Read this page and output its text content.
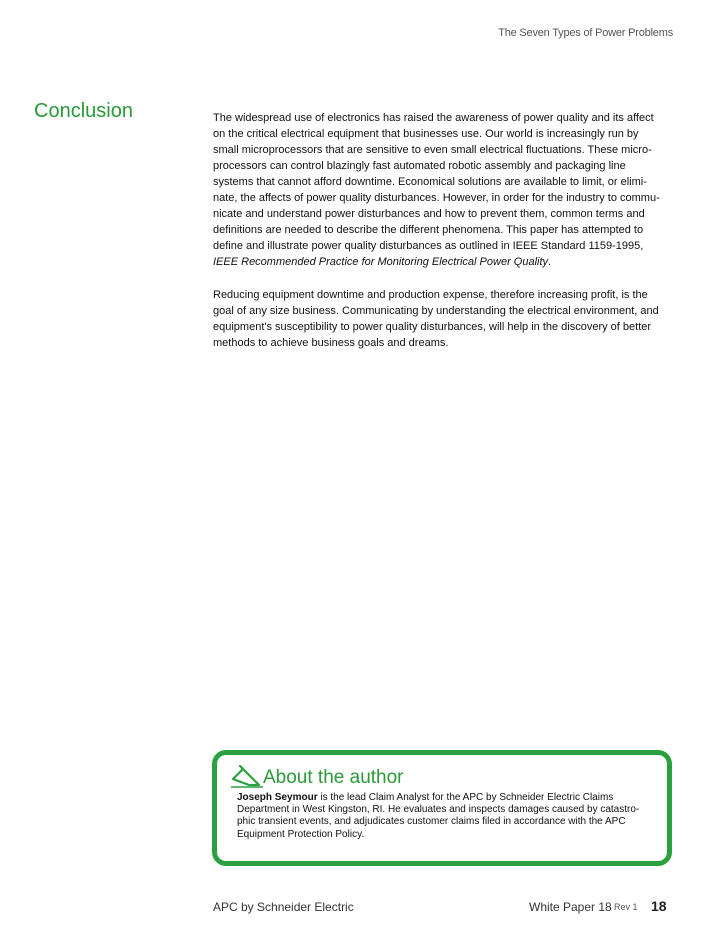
The Seven Types of Power Problems
Conclusion	The widespread use of electronics has raised the awareness of power quality and its affect
on the critical electrical equipment that businesses use. Our world is increasingly run by
small microprocessors that are sensitive to even small electrical fluctuations. These micro-
processors can control blazingly fast automated robotic assembly and packaging line
systems that cannot afford downtime. Economical solutions are available to limit, or elimi-
nate, the affects of power quality disturbances. However, in order for the industry to commu-
nicate and understand power disturbances and how to prevent them, common terms and
definitions are needed to describe the different phenomena. This paper has attempted to
define and illustrate power quality disturbances as outlined in IEEE Standard 1159-1995,
IEEE Recommended Practice for Monitoring Electrical Power Quality.

Reducing equipment downtime and production expense, therefore increasing profit, is the
goal of any size business. Communicating by understanding the electrical environment, and
equipment's susceptibility to power quality disturbances, will help in the discovery of better
methods to achieve business goals and dreams.

About the author
Joseph Seymour is the lead Claim Analyst for the APC by Schneider Electric Claims
Department in West Kingston, RI. He evaluates and inspects damages caused by catastro-
phic transient events, and adjudicates customer claims filed in accordance with the APC
Equipment Protection Policy.
APC by Schneider Electric	White Paper 18 Rev 1 18
